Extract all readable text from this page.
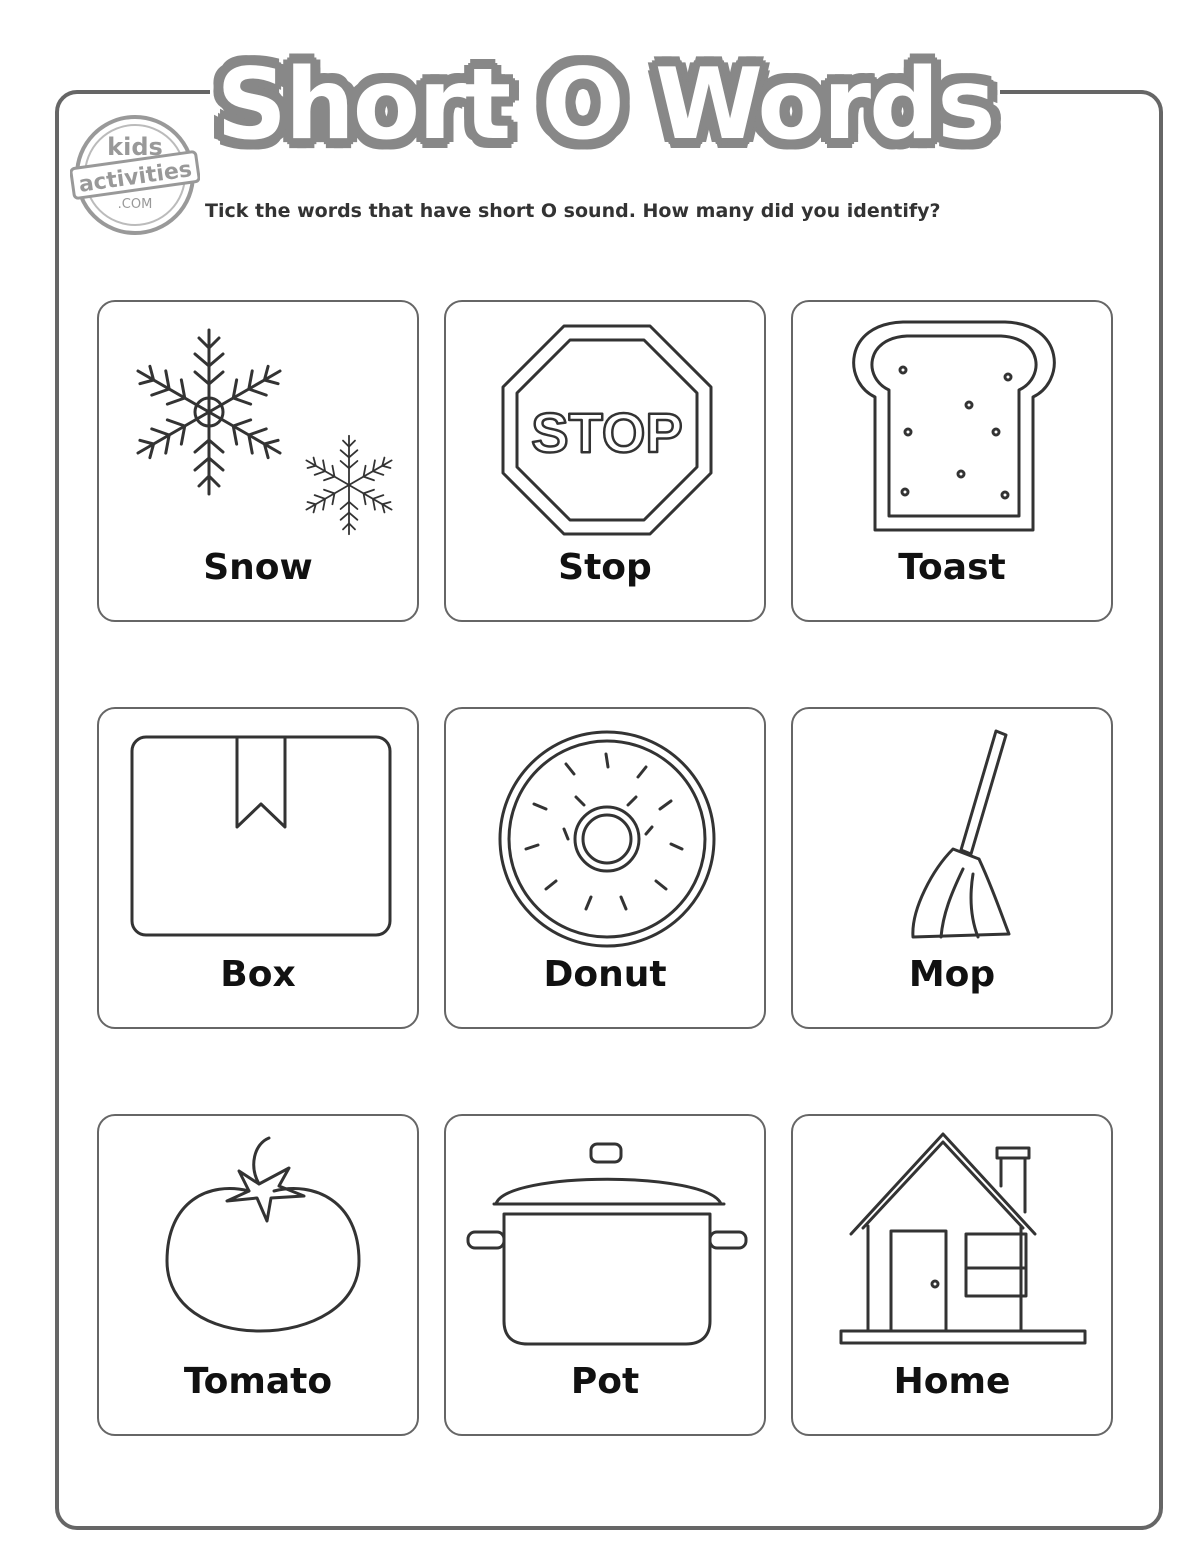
Short O Words
kids
activities
.COM	Tick the words that have short O sound. How many did you identify?
Snow
STOP
Stop	Toast
Box	Donut	Mop
Tomato	Pot	Home
